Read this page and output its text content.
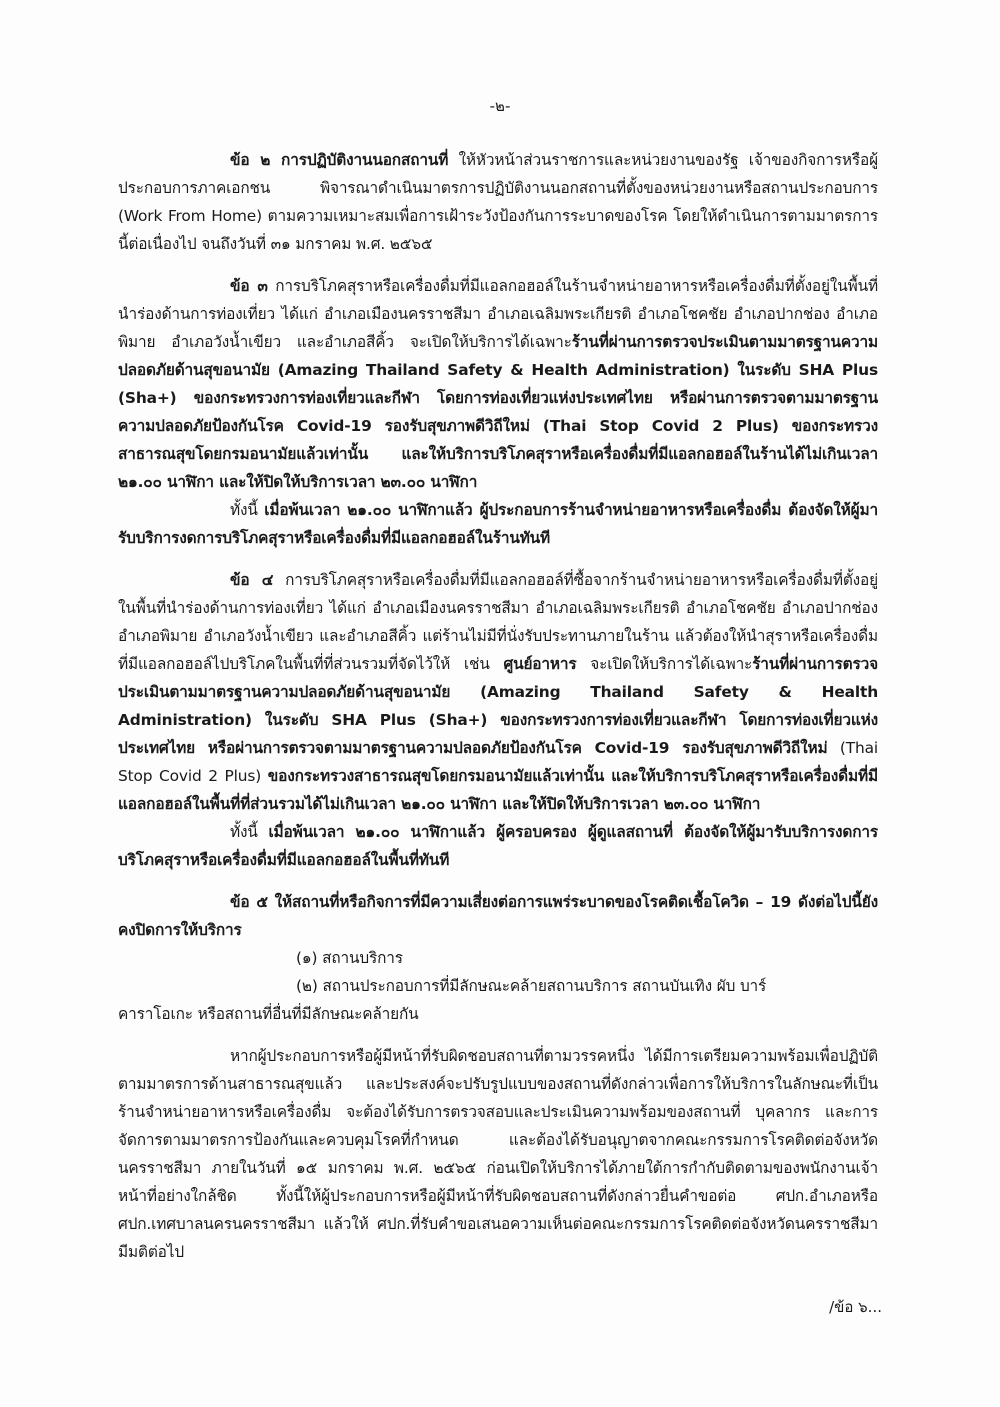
-๒-

ข้อ ๒ การปฏิบัติงานนอกสถานที่ ให้หัวหน้าส่วนราชการและหน่วยงานของรัฐ เจ้าของกิจการหรือผู้ประกอบการภาคเอกชน พิจารณาดำเนินมาตรการปฏิบัติงานนอกสถานที่ตั้งของหน่วยงานหรือสถานประกอบการ (Work From Home) ตามความเหมาะสมเพื่อการเฝ้าระวังป้องกันการระบาดของโรค โดยให้ดำเนินการตามมาตรการนี้ต่อเนื่องไป จนถึงวันที่ ๓๑ มกราคม พ.ศ. ๒๕๖๕

ข้อ ๓ การบริโภคสุราหรือเครื่องดื่มที่มีแอลกอฮอล์ในร้านจำหน่ายอาหารหรือเครื่องดื่มที่ตั้งอยู่ในพื้นที่นำร่องด้านการท่องเที่ยว ได้แก่ อำเภอเมืองนครราชสีมา อำเภอเฉลิมพระเกียรติ อำเภอโชคชัย อำเภอปากช่อง อำเภอพิมาย อำเภอวังน้ำเขียว และอำเภอสีคิ้ว จะเปิดให้บริการได้เฉพาะร้านที่ผ่านการตรวจประเมินตามมาตรฐานความปลอดภัยด้านสุขอนามัย (Amazing Thailand Safety & Health Administration) ในระดับ SHA Plus (Sha+) ของกระทรวงการท่องเที่ยวและกีฬา โดยการท่องเที่ยวแห่งประเทศไทย หรือผ่านการตรวจตามมาตรฐานความปลอดภัยป้องกันโรค Covid-19 รองรับสุขภาพดีวิถีใหม่ (Thai Stop Covid 2 Plus) ของกระทรวงสาธารณสุขโดยกรมอนามัยแล้วเท่านั้น และให้บริการบริโภคสุราหรือเครื่องดื่มที่มีแอลกอฮอล์ในร้านได้ไม่เกินเวลา ๒๑.๐๐ นาฬิกา และให้ปิดให้บริการเวลา ๒๓.๐๐ นาฬิกา

ทั้งนี้ เมื่อพ้นเวลา ๒๑.๐๐ นาฬิกาแล้ว ผู้ประกอบการร้านจำหน่ายอาหารหรือเครื่องดื่ม ต้องจัดให้ผู้มารับบริการงดการบริโภคสุราหรือเครื่องดื่มที่มีแอลกอฮอล์ในร้านทันที

ข้อ ๔ การบริโภคสุราหรือเครื่องดื่มที่มีแอลกอฮอล์ที่ซื้อจากร้านจำหน่ายอาหารหรือเครื่องดื่มที่ตั้งอยู่ในพื้นที่นำร่องด้านการท่องเที่ยว ได้แก่ อำเภอเมืองนครราชสีมา อำเภอเฉลิมพระเกียรติ อำเภอโชคชัย อำเภอปากช่อง อำเภอพิมาย อำเภอวังน้ำเขียว และอำเภอสีคิ้ว แต่ร้านไม่มีที่นั่งรับประทานภายในร้าน แล้วต้องให้นำสุราหรือเครื่องดื่มที่มีแอลกอฮอล์ไปบริโภคในพื้นที่ที่ส่วนรวมที่จัดไว้ให้ เช่น ศูนย์อาหาร จะเปิดให้บริการได้เฉพาะร้านที่ผ่านการตรวจประเมินตามมาตรฐานความปลอดภัยด้านสุขอนามัย (Amazing Thailand Safety & Health Administration) ในระดับ SHA Plus (Sha+) ของกระทรวงการท่องเที่ยวและกีฬา โดยการท่องเที่ยวแห่งประเทศไทย หรือผ่านการตรวจตามมาตรฐานความปลอดภัยป้องกันโรค Covid-19 รองรับสุขภาพดีวิถีใหม่ (Thai Stop Covid 2 Plus) ของกระทรวงสาธารณสุขโดยกรมอนามัยแล้วเท่านั้น และให้บริการบริโภคสุราหรือเครื่องดื่มที่มีแอลกอฮอล์ในพื้นที่ที่ส่วนรวมได้ไม่เกินเวลา ๒๑.๐๐ นาฬิกา และให้ปิดให้บริการเวลา ๒๓.๐๐ นาฬิกา

ทั้งนี้ เมื่อพ้นเวลา ๒๑.๐๐ นาฬิกาแล้ว ผู้ครอบครอง ผู้ดูแลสถานที่ ต้องจัดให้ผู้มารับบริการงดการบริโภคสุราหรือเครื่องดื่มที่มีแอลกอฮอล์ในพื้นที่ทันที

ข้อ ๕ ให้สถานที่หรือกิจการที่มีความเสี่ยงต่อการแพร่ระบาดของโรคติดเชื้อโควิด – 19 ดังต่อไปนี้ยังคงปิดการให้บริการ

(๑) สถานบริการ

(๒) สถานประกอบการที่มีลักษณะคล้ายสถานบริการ สถานบันเทิง ผับ บาร์

คาราโอเกะ หรือสถานที่อื่นที่มีลักษณะคล้ายกัน

หากผู้ประกอบการหรือผู้มีหน้าที่รับผิดชอบสถานที่ตามวรรคหนึ่ง ได้มีการเตรียมความพร้อมเพื่อปฏิบัติตามมาตรการด้านสาธารณสุขแล้ว และประสงค์จะปรับรูปแบบของสถานที่ดังกล่าวเพื่อการให้บริการในลักษณะที่เป็นร้านจำหน่ายอาหารหรือเครื่องดื่ม จะต้องได้รับการตรวจสอบและประเมินความพร้อมของสถานที่ บุคลากร และการจัดการตามมาตรการป้องกันและควบคุมโรคที่กำหนด และต้องได้รับอนุญาตจากคณะกรรมการโรคติดต่อจังหวัดนครราชสีมา ภายในวันที่ ๑๕ มกราคม พ.ศ. ๒๕๖๕ ก่อนเปิดให้บริการได้ภายใต้การกำกับติดตามของพนักงานเจ้าหน้าที่อย่างใกล้ชิด ทั้งนี้ให้ผู้ประกอบการหรือผู้มีหน้าที่รับผิดชอบสถานที่ดังกล่าวยื่นคำขอต่อ ศปก.อำเภอหรือ ศปก.เทศบาลนครนครราชสีมา แล้วให้ ศปก.ที่รับคำขอเสนอความเห็นต่อคณะกรรมการโรคติดต่อจังหวัดนครราชสีมามีมติต่อไป

/ข้อ ๖...
